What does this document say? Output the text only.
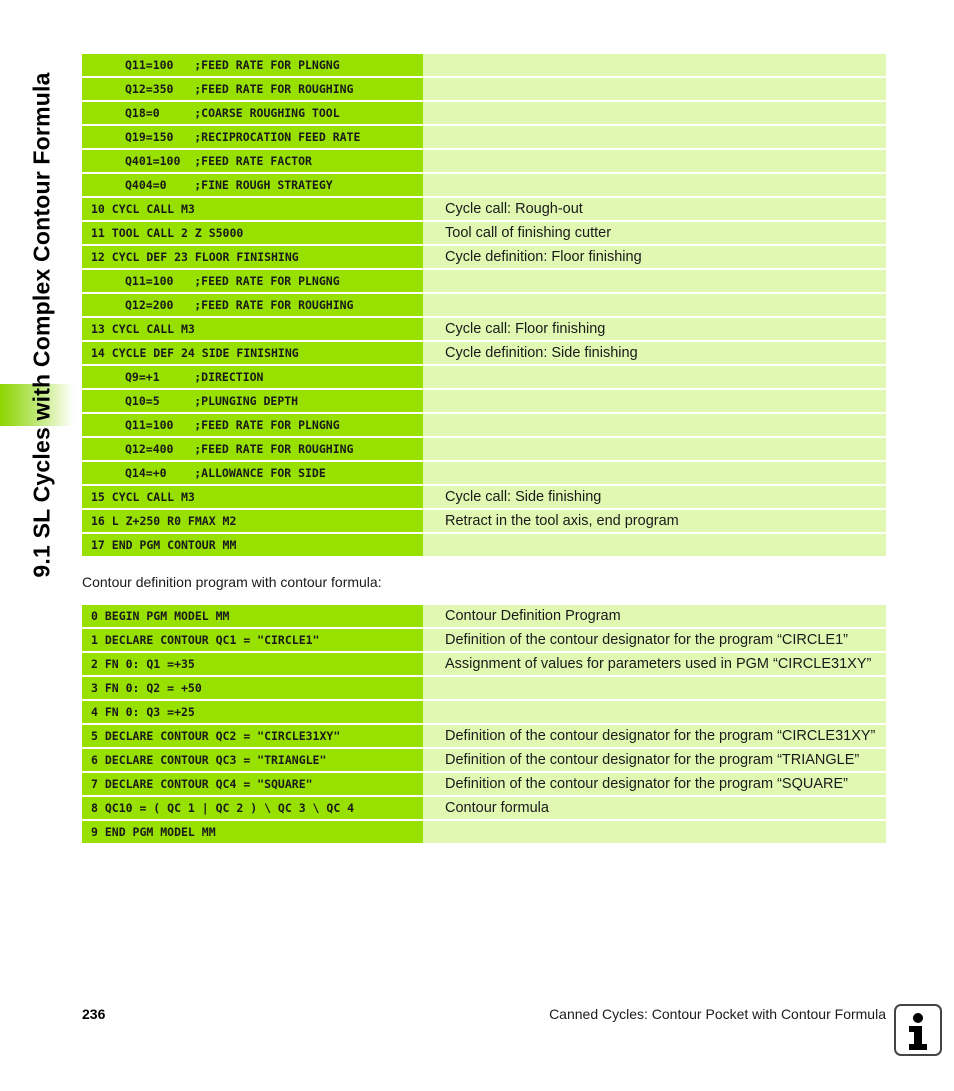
9.1 SL Cycles with Complex Contour Formula
Q11=100   ;FEED RATE FOR PLNGNG
Q12=350   ;FEED RATE FOR ROUGHING
Q18=0     ;COARSE ROUGHING TOOL
Q19=150   ;RECIPROCATION FEED RATE
Q401=100  ;FEED RATE FACTOR
Q404=0    ;FINE ROUGH STRATEGY
10 CYCL CALL M3	Cycle call: Rough-out
11 TOOL CALL 2 Z S5000	Tool call of finishing cutter
12 CYCL DEF 23 FLOOR FINISHING	Cycle definition: Floor finishing
Q11=100   ;FEED RATE FOR PLNGNG
Q12=200   ;FEED RATE FOR ROUGHING
13 CYCL CALL M3	Cycle call: Floor finishing
14 CYCLE DEF 24 SIDE FINISHING	Cycle definition: Side finishing
Q9=+1     ;DIRECTION
Q10=5     ;PLUNGING DEPTH
Q11=100   ;FEED RATE FOR PLNGNG
Q12=400   ;FEED RATE FOR ROUGHING
Q14=+0    ;ALLOWANCE FOR SIDE
15 CYCL CALL M3	Cycle call: Side finishing
16 L Z+250 R0 FMAX M2	Retract in the tool axis, end program
17 END PGM CONTOUR MM
Contour definition program with contour formula:
0 BEGIN PGM MODEL MM	Contour Definition Program
1 DECLARE CONTOUR QC1 = "CIRCLE1"	Definition of the contour designator for the program “CIRCLE1”
2 FN 0: Q1 =+35	Assignment of values for parameters used in PGM “CIRCLE31XY”
3 FN 0: Q2 = +50
4 FN 0: Q3 =+25
5 DECLARE CONTOUR QC2 = "CIRCLE31XY"	Definition of the contour designator for the program “CIRCLE31XY”
6 DECLARE CONTOUR QC3 = "TRIANGLE"	Definition of the contour designator for the program “TRIANGLE”
7 DECLARE CONTOUR QC4 = "SQUARE"	Definition of the contour designator for the program “SQUARE”
8 QC10 = ( QC 1 | QC 2 ) \ QC 3 \ QC 4	Contour formula
9 END PGM MODEL MM
236	Canned Cycles: Contour Pocket with Contour Formula
